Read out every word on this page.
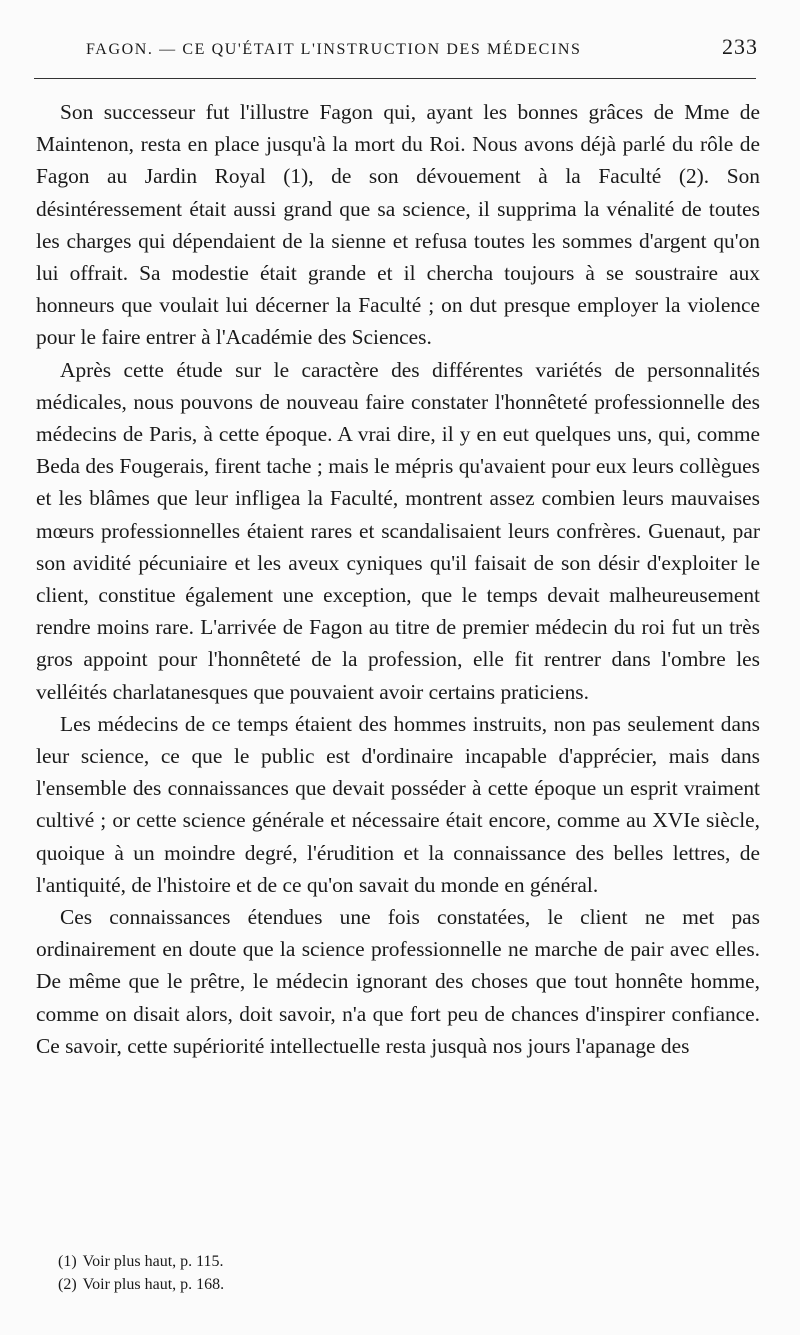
FAGON. — CE QU'ÉTAIT L'INSTRUCTION DES MÉDECINS	233

Son successeur fut l'illustre Fagon qui, ayant les bonnes grâces de Mme de Maintenon, resta en place jusqu'à la mort du Roi. Nous avons déjà parlé du rôle de Fagon au Jardin Royal (1), de son dévouement à la Faculté (2). Son désintéressement était aussi grand que sa science, il supprima la vénalité de toutes les charges qui dépendaient de la sienne et refusa toutes les sommes d'argent qu'on lui offrait. Sa modestie était grande et il chercha toujours à se soustraire aux honneurs que voulait lui décerner la Faculté ; on dut presque employer la violence pour le faire entrer à l'Académie des Sciences.

Après cette étude sur le caractère des différentes variétés de personnalités médicales, nous pouvons de nouveau faire constater l'honnêteté professionnelle des médecins de Paris, à cette époque. A vrai dire, il y en eut quelques uns, qui, comme Beda des Fougerais, firent tache ; mais le mépris qu'avaient pour eux leurs collègues et les blâmes que leur infligea la Faculté, montrent assez combien leurs mauvaises mœurs professionnelles étaient rares et scandalisaient leurs confrères. Guenaut, par son avidité pécuniaire et les aveux cyniques qu'il faisait de son désir d'exploiter le client, constitue également une exception, que le temps devait malheureusement rendre moins rare. L'arrivée de Fagon au titre de premier médecin du roi fut un très gros appoint pour l'honnêteté de la profession, elle fit rentrer dans l'ombre les velléités charlatanesques que pouvaient avoir certains praticiens.

Les médecins de ce temps étaient des hommes instruits, non pas seulement dans leur science, ce que le public est d'ordinaire incapable d'apprécier, mais dans l'ensemble des connaissances que devait posséder à cette époque un esprit vraiment cultivé ; or cette science générale et nécessaire était encore, comme au XVIe siècle, quoique à un moindre degré, l'érudition et la connaissance des belles lettres, de l'antiquité, de l'histoire et de ce qu'on savait du monde en général.

Ces connaissances étendues une fois constatées, le client ne met pas ordinairement en doute que la science professionnelle ne marche de pair avec elles. De même que le prêtre, le médecin ignorant des choses que tout honnête homme, comme on disait alors, doit savoir, n'a que fort peu de chances d'inspirer confiance. Ce savoir, cette supériorité intellectuelle resta jusquà nos jours l'apanage des

(1) Voir plus haut, p. 115.

(2) Voir plus haut, p. 168.
